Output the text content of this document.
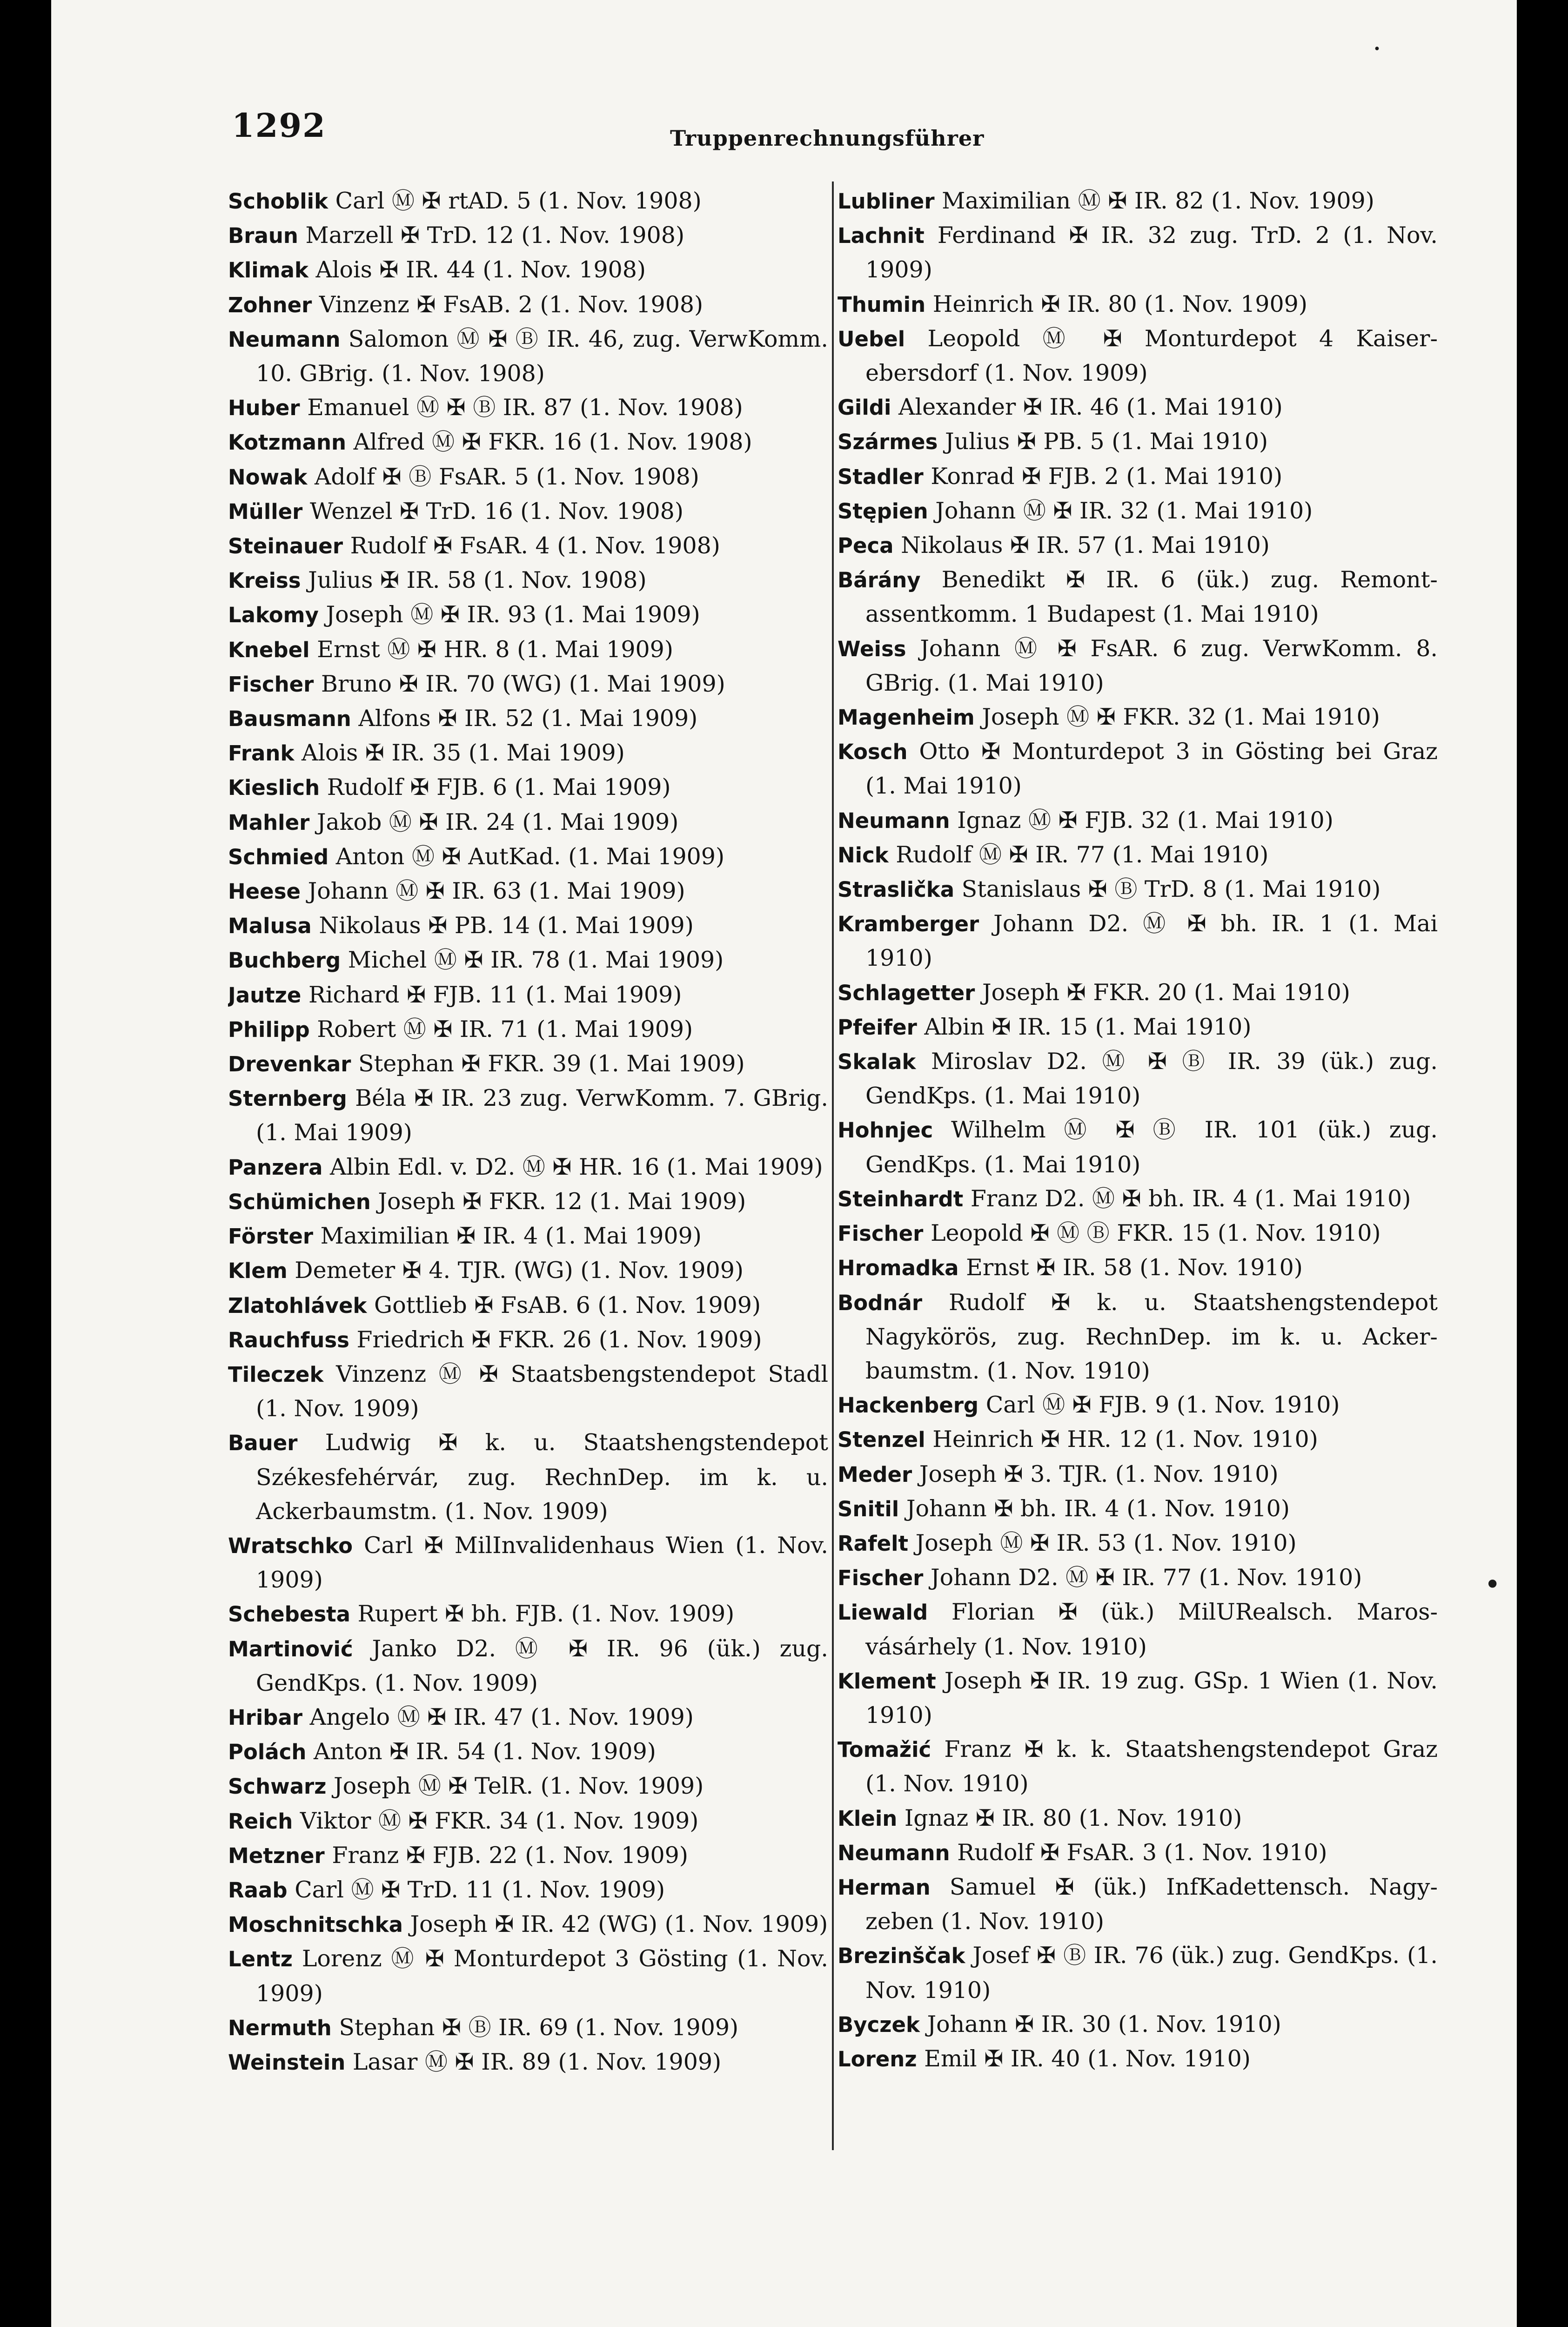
1292	Truppenrechnungsführer
Schoblik Carl Ⓜ ✠ rtAD. 5 (1. Nov. 1908)
Braun Marzell ✠ TrD. 12 (1. Nov. 1908)
Klimak Alois ✠ IR. 44 (1. Nov. 1908)
Zohner Vinzenz ✠ FsAB. 2 (1. Nov. 1908)
Neumann Salomon Ⓜ ✠ Ⓑ IR. 46, zug. VerwKomm. 10. GBrig. (1. Nov. 1908)
Huber Emanuel Ⓜ ✠ Ⓑ IR. 87 (1. Nov. 1908)
Kotzmann Alfred Ⓜ ✠ FKR. 16 (1. Nov. 1908)
Nowak Adolf ✠ Ⓑ FsAR. 5 (1. Nov. 1908)
Müller Wenzel ✠ TrD. 16 (1. Nov. 1908)
Steinauer Rudolf ✠ FsAR. 4 (1. Nov. 1908)
Kreiss Julius ✠ IR. 58 (1. Nov. 1908)
Lakomy Joseph Ⓜ ✠ IR. 93 (1. Mai 1909)
Knebel Ernst Ⓜ ✠ HR. 8 (1. Mai 1909)
Fischer Bruno ✠ IR. 70 (WG) (1. Mai 1909)
Bausmann Alfons ✠ IR. 52 (1. Mai 1909)
Frank Alois ✠ IR. 35 (1. Mai 1909)
Kieslich Rudolf ✠ FJB. 6 (1. Mai 1909)
Mahler Jakob Ⓜ ✠ IR. 24 (1. Mai 1909)
Schmied Anton Ⓜ ✠ AutKad. (1. Mai 1909)
Heese Johann Ⓜ ✠ IR. 63 (1. Mai 1909)
Malusa Nikolaus ✠ PB. 14 (1. Mai 1909)
Buchberg Michel Ⓜ ✠ IR. 78 (1. Mai 1909)
Jautze Richard ✠ FJB. 11 (1. Mai 1909)
Philipp Robert Ⓜ ✠ IR. 71 (1. Mai 1909)
Drevenkar Stephan ✠ FKR. 39 (1. Mai 1909)
Sternberg Béla ✠ IR. 23 zug. VerwKomm. 7. GBrig. (1. Mai 1909)
Panzera Albin Edl. v. D2. Ⓜ ✠ HR. 16 (1. Mai 1909)
Schümichen Joseph ✠ FKR. 12 (1. Mai 1909)
Förster Maximilian ✠ IR. 4 (1. Mai 1909)
Klem Demeter ✠ 4. TJR. (WG) (1. Nov. 1909)
Zlatohlávek Gottlieb ✠ FsAB. 6 (1. Nov. 1909)
Rauchfuss Friedrich ✠ FKR. 26 (1. Nov. 1909)
Tileczek Vinzenz Ⓜ ✠ Staatsbengstendepot Stadl (1. Nov. 1909)
Bauer Ludwig ✠ k. u. Staatshengstendepot Székesfehérvár, zug. RechnDep. im k. u. Ackerbaumstm. (1. Nov. 1909)
Wratschko Carl ✠ MilInvalidenhaus Wien (1. Nov. 1909)
Schebesta Rupert ✠ bh. FJB. (1. Nov. 1909)
Martinović Janko D2. Ⓜ ✠ IR. 96 (ük.) zug. GendKps. (1. Nov. 1909)
Hribar Angelo Ⓜ ✠ IR. 47 (1. Nov. 1909)
Polách Anton ✠ IR. 54 (1. Nov. 1909)
Schwarz Joseph Ⓜ ✠ TelR. (1. Nov. 1909)
Reich Viktor Ⓜ ✠ FKR. 34 (1. Nov. 1909)
Metzner Franz ✠ FJB. 22 (1. Nov. 1909)
Raab Carl Ⓜ ✠ TrD. 11 (1. Nov. 1909)
Moschnitschka Joseph ✠ IR. 42 (WG) (1. Nov. 1909)
Lentz Lorenz Ⓜ ✠ Monturdepot 3 Gösting (1. Nov. 1909)
Nermuth Stephan ✠ Ⓑ IR. 69 (1. Nov. 1909)
Weinstein Lasar Ⓜ ✠ IR. 89 (1. Nov. 1909)
Lubliner Maximilian Ⓜ ✠ IR. 82 (1. Nov. 1909)
Lachnit Ferdinand ✠ IR. 32 zug. TrD. 2 (1. Nov. 1909)
Thumin Heinrich ✠ IR. 80 (1. Nov. 1909)
Uebel Leopold Ⓜ ✠ Monturdepot 4 Kaiser-ebersdorf (1. Nov. 1909)
Gildi Alexander ✠ IR. 46 (1. Mai 1910)
Szármes Julius ✠ PB. 5 (1. Mai 1910)
Stadler Konrad ✠ FJB. 2 (1. Mai 1910)
Stępien Johann Ⓜ ✠ IR. 32 (1. Mai 1910)
Peca Nikolaus ✠ IR. 57 (1. Mai 1910)
Bárány Benedikt ✠ IR. 6 (ük.) zug. Remont-assentkomm. 1 Budapest (1. Mai 1910)
Weiss Johann Ⓜ ✠ FsAR. 6 zug. VerwKomm. 8. GBrig. (1. Mai 1910)
Magenheim Joseph Ⓜ ✠ FKR. 32 (1. Mai 1910)
Kosch Otto ✠ Monturdepot 3 in Gösting bei Graz (1. Mai 1910)
Neumann Ignaz Ⓜ ✠ FJB. 32 (1. Mai 1910)
Nick Rudolf Ⓜ ✠ IR. 77 (1. Mai 1910)
Straslička Stanislaus ✠ Ⓑ TrD. 8 (1. Mai 1910)
Kramberger Johann D2. Ⓜ ✠ bh. IR. 1 (1. Mai 1910)
Schlagetter Joseph ✠ FKR. 20 (1. Mai 1910)
Pfeifer Albin ✠ IR. 15 (1. Mai 1910)
Skalak Miroslav D2. Ⓜ ✠ Ⓑ IR. 39 (ük.) zug. GendKps. (1. Mai 1910)
Hohnjec Wilhelm Ⓜ ✠ Ⓑ IR. 101 (ük.) zug. GendKps. (1. Mai 1910)
Steinhardt Franz D2. Ⓜ ✠ bh. IR. 4 (1. Mai 1910)
Fischer Leopold ✠ Ⓜ Ⓑ FKR. 15 (1. Nov. 1910)
Hromadka Ernst ✠ IR. 58 (1. Nov. 1910)
Bodnár Rudolf ✠ k. u. Staatshengstendepot Nagykörös, zug. RechnDep. im k. u. Acker-baumstm. (1. Nov. 1910)
Hackenberg Carl Ⓜ ✠ FJB. 9 (1. Nov. 1910)
Stenzel Heinrich ✠ HR. 12 (1. Nov. 1910)
Meder Joseph ✠ 3. TJR. (1. Nov. 1910)
Snitil Johann ✠ bh. IR. 4 (1. Nov. 1910)
Rafelt Joseph Ⓜ ✠ IR. 53 (1. Nov. 1910)
Fischer Johann D2. Ⓜ ✠ IR. 77 (1. Nov. 1910)
Liewald Florian ✠ (ük.) MilURealsch. Maros-vásárhely (1. Nov. 1910)
Klement Joseph ✠ IR. 19 zug. GSp. 1 Wien (1. Nov. 1910)
Tomažić Franz ✠ k. k. Staatshengstendepot Graz (1. Nov. 1910)
Klein Ignaz ✠ IR. 80 (1. Nov. 1910)
Neumann Rudolf ✠ FsAR. 3 (1. Nov. 1910)
Herman Samuel ✠ (ük.) InfKadettensch. Nagy-zeben (1. Nov. 1910)
Brezinščak Josef ✠ Ⓑ IR. 76 (ük.) zug. GendKps. (1. Nov. 1910)
Byczek Johann ✠ IR. 30 (1. Nov. 1910)
Lorenz Emil ✠ IR. 40 (1. Nov. 1910)
·
•
